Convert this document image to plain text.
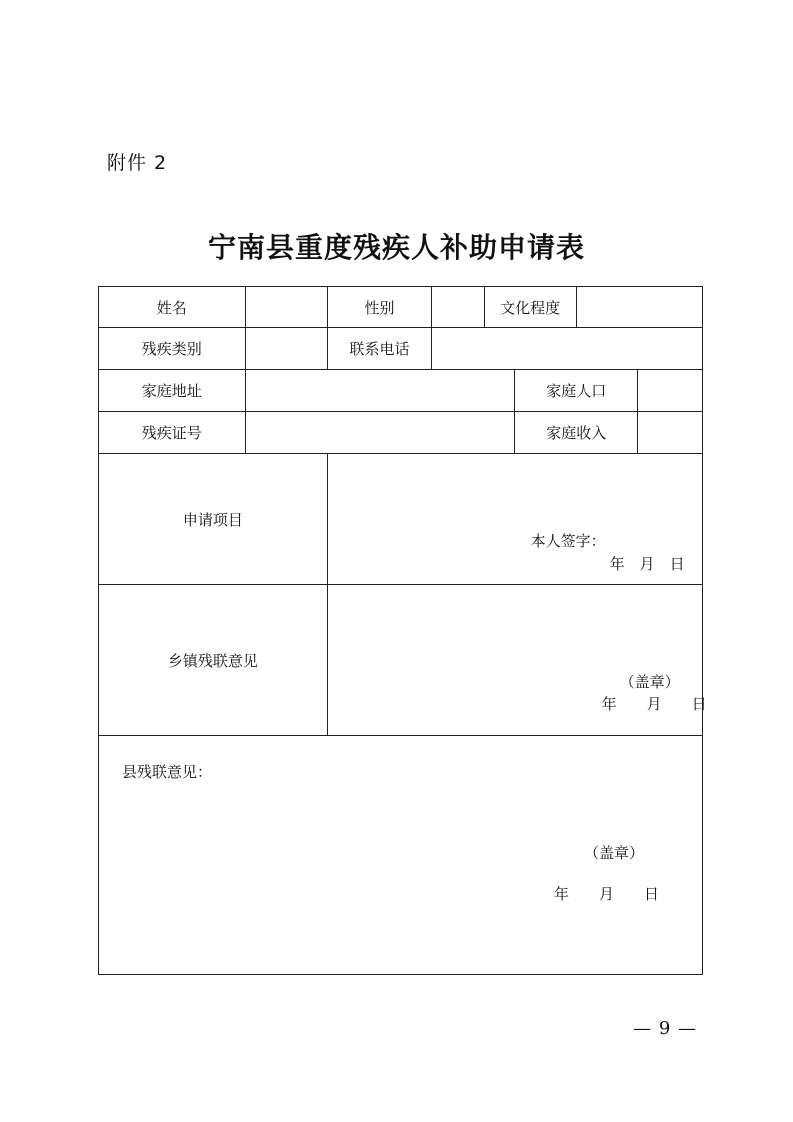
附件 2
宁南县重度残疾人补助申请表
姓名		性别		文化程度			
残疾类别		联系电话					
家庭地址					家庭人口		
残疾证号					家庭收入		
申请项目		本人签字：
年　月　日					

乡镇残联意见		（盖章）
年　　月　　日					

县残联意见：
（盖章）
年　　月　　日							
— 9 —
